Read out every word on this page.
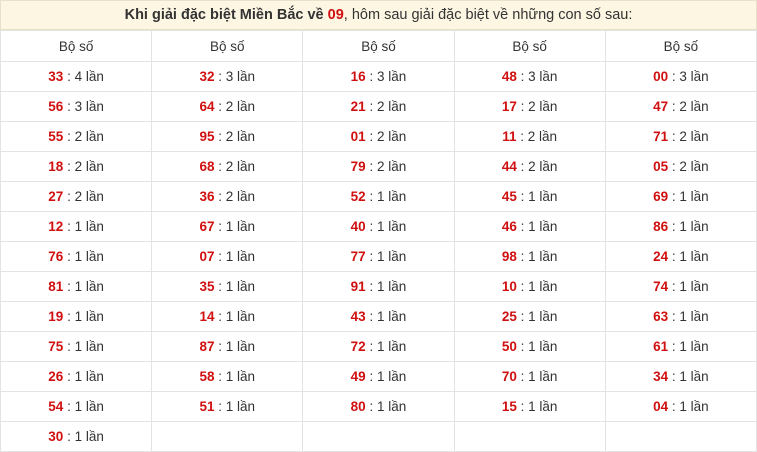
Khi giải đặc biệt Miền Bắc về 09, hôm sau giải đặc biệt về những con số sau:
Bộ số	Bộ số	Bộ số	Bộ số	Bộ số
33 : 4 lần	32 : 3 lần	16 : 3 lần	48 : 3 lần	00 : 3 lần
56 : 3 lần	64 : 2 lần	21 : 2 lần	17 : 2 lần	47 : 2 lần
55 : 2 lần	95 : 2 lần	01 : 2 lần	11 : 2 lần	71 : 2 lần
18 : 2 lần	68 : 2 lần	79 : 2 lần	44 : 2 lần	05 : 2 lần
27 : 2 lần	36 : 2 lần	52 : 1 lần	45 : 1 lần	69 : 1 lần
12 : 1 lần	67 : 1 lần	40 : 1 lần	46 : 1 lần	86 : 1 lần
76 : 1 lần	07 : 1 lần	77 : 1 lần	98 : 1 lần	24 : 1 lần
81 : 1 lần	35 : 1 lần	91 : 1 lần	10 : 1 lần	74 : 1 lần
19 : 1 lần	14 : 1 lần	43 : 1 lần	25 : 1 lần	63 : 1 lần
75 : 1 lần	87 : 1 lần	72 : 1 lần	50 : 1 lần	61 : 1 lần
26 : 1 lần	58 : 1 lần	49 : 1 lần	70 : 1 lần	34 : 1 lần
54 : 1 lần	51 : 1 lần	80 : 1 lần	15 : 1 lần	04 : 1 lần
30 : 1 lần				
